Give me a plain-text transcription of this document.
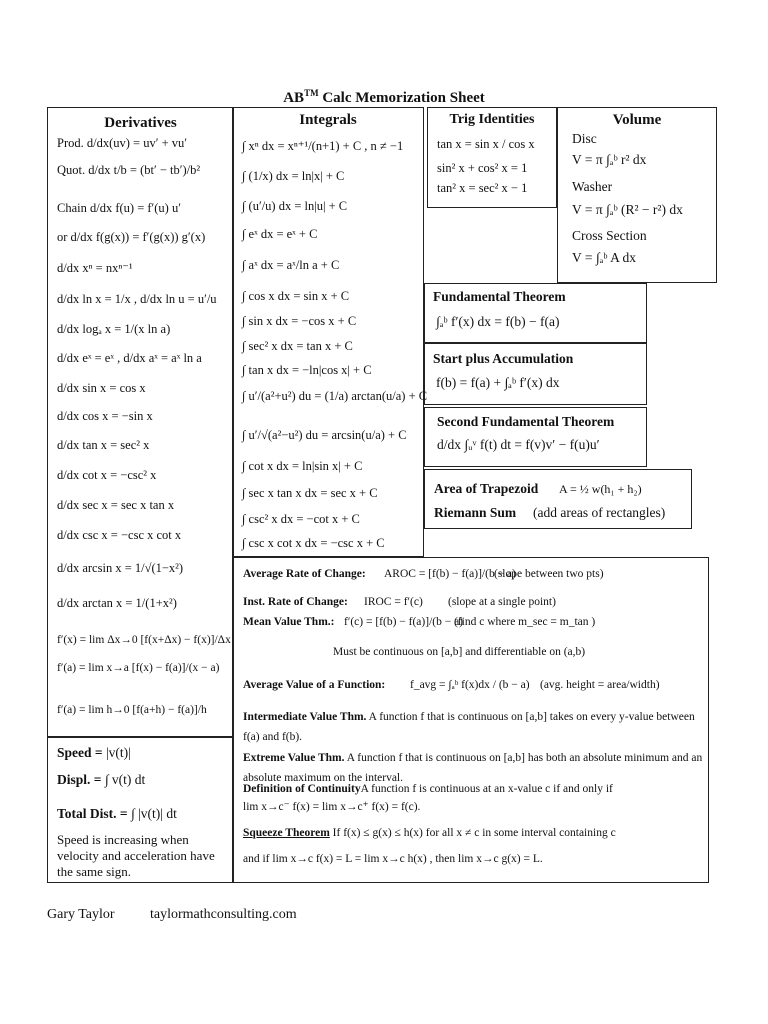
AB™ Calc Memorization Sheet
Derivatives
Prod. d/dx(uv) = uv′ + vu′
Quot. d/dx t/b = (bt′ − tb′)/b²
Chain d/dx f(u) = f′(u) u′
or d/dx f(g(x)) = f′(g(x)) g′(x)
d/dx xⁿ = nxⁿ⁻¹
d/dx ln x = 1/x , d/dx ln u = u′/u
d/dx logₐ x = 1/(x ln a)
d/dx eˣ = eˣ , d/dx aˣ = aˣ ln a
d/dx sin x = cos x
d/dx cos x = −sin x
d/dx tan x = sec² x
d/dx cot x = −csc² x
d/dx sec x = sec x tan x
d/dx csc x = −csc x cot x
d/dx arcsin x = 1/√(1−x²)
d/dx arctan x = 1/(1+x²)
f′(x) = lim Δx→0 [f(x+Δx) − f(x)]/Δx
f′(a) = lim x→a [f(x) − f(a)]/(x − a)
f′(a) = lim h→0 [f(a+h) − f(a)]/h
Integrals
∫ xⁿ dx = xⁿ⁺¹/(n+1) + C , n ≠ −1
∫ (1/x) dx = ln|x| + C
∫ (u′/u) dx = ln|u| + C
∫ eˣ dx = eˣ + C
∫ aˣ dx = aˣ/ln a + C
∫ cos x dx = sin x + C
∫ sin x dx = −cos x + C
∫ sec² x dx = tan x + C
∫ tan x dx = −ln|cos x| + C
∫ u′/(a²+u²) du = (1/a) arctan(u/a) + C
∫ u′/√(a²−u²) du = arcsin(u/a) + C
∫ cot x dx = ln|sin x| + C
∫ sec x tan x dx = sec x + C
∫ csc² x dx = −cot x + C
∫ csc x cot x dx = −csc x + C
Trig Identities
tan x = sin x / cos x
sin² x + cos² x = 1
tan² x = sec² x − 1
Volume
Disc
V = π ∫ₐᵇ r² dx
Washer
V = π ∫ₐᵇ (R² − r²) dx
Cross Section
V = ∫ₐᵇ A dx
Fundamental Theorem
∫ₐᵇ f′(x) dx = f(b) − f(a)
Start plus Accumulation
f(b) = f(a) + ∫ₐᵇ f′(x) dx
Second Fundamental Theorem
d/dx ∫ᵤᵛ f(t) dt = f(v)v′ − f(u)u′
Area of Trapezoid A = ½ w(h₁ + h₂)
Riemann Sum (add areas of rectangles)
Average Rate of Change: AROC = [f(b) − f(a)]/(b − a)
(slope between two pts)
Inst. Rate of Change: IROC = f′(c) (slope at a single point)
Mean Value Thm.: f′(c) = [f(b) − f(a)]/(b − a)
(find c where m_sec = m_tan )
Must be continuous on [a,b] and differentiable on (a,b)
Average Value of a Function: f_avg = ∫ₐᵇ f(x)dx / (b − a) (avg. height = area/width)
Intermediate Value Thm. A function f that is continuous on [a,b] takes on every y-value between f(a) and f(b).
Extreme Value Thm. A function f that is continuous on [a,b] has both an absolute minimum and an absolute maximum on the interval.
Definition of ContinuityA function f is continuous at an x-value c if and only if
lim x→c⁻ f(x) = lim x→c⁺ f(x) = f(c).
Squeeze Theorem If f(x) ≤ g(x) ≤ h(x) for all x ≠ c in some interval containing c
and if lim x→c f(x) = L = lim x→c h(x) , then lim x→c g(x) = L.
Speed = |v(t)|
Displ. = ∫ v(t) dt
Total Dist. = ∫ |v(t)| dt
Speed is increasing when velocity and acceleration have the same sign.
Gary Taylor	taylormathconsulting.com
